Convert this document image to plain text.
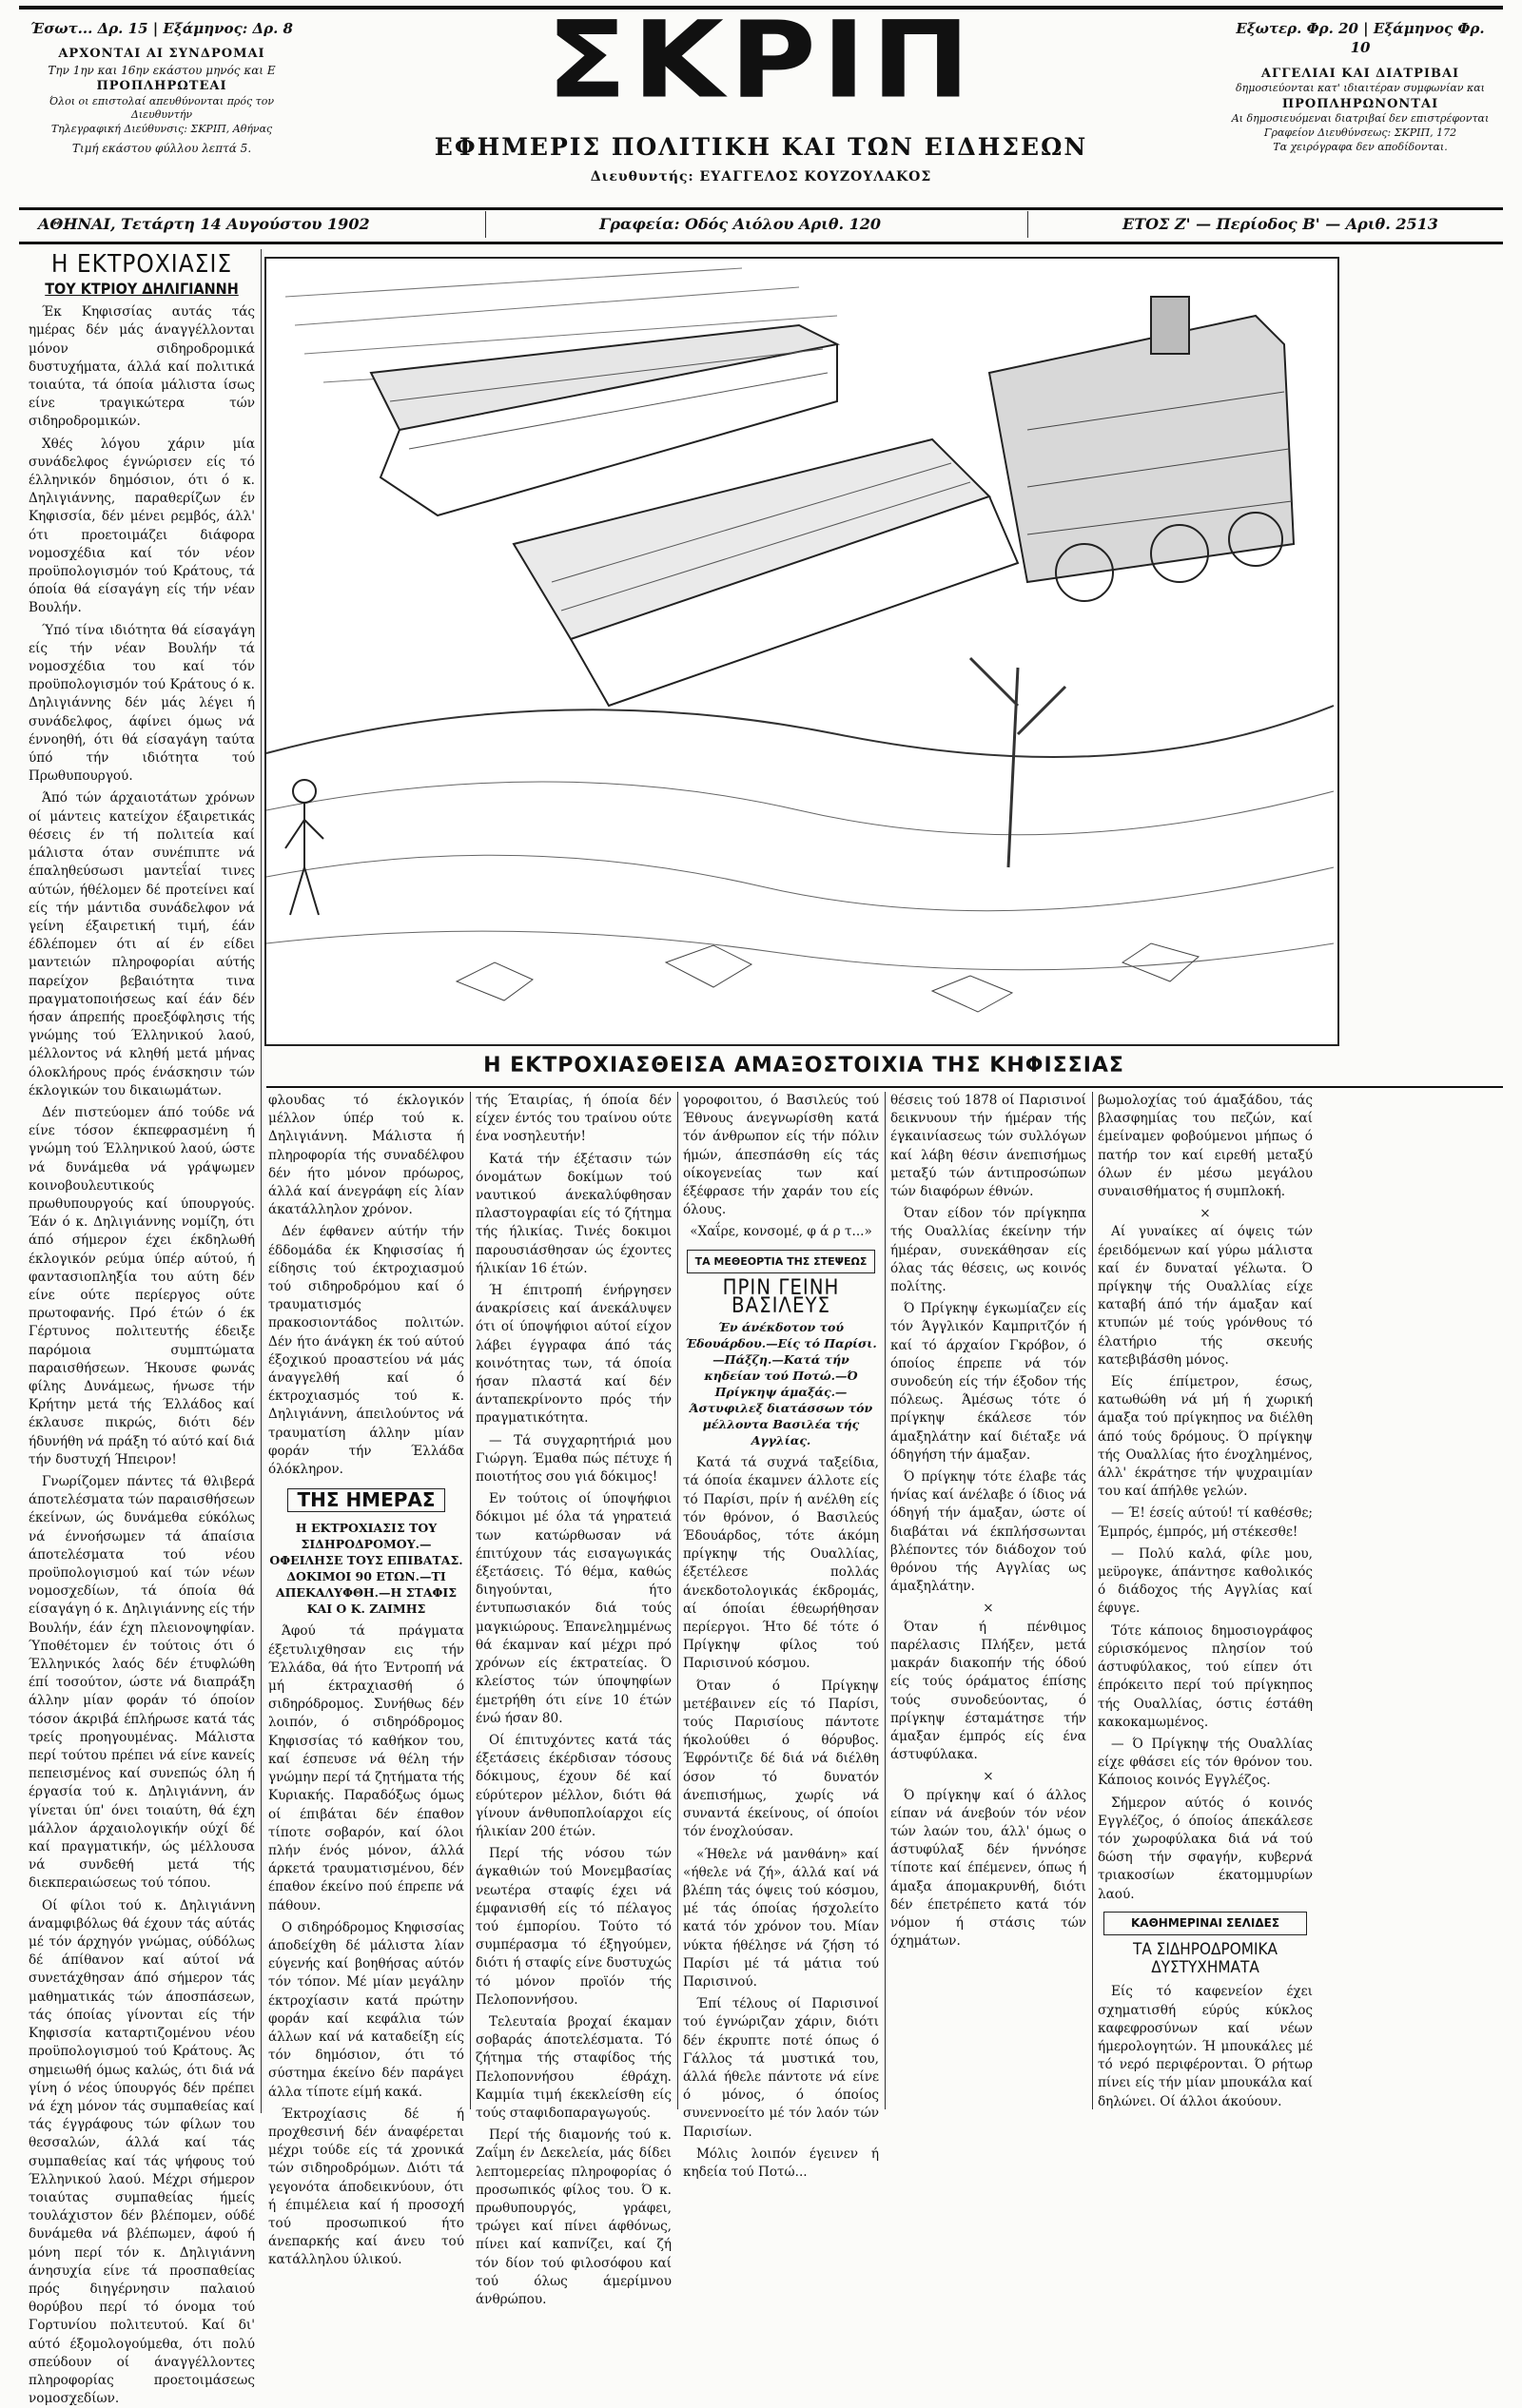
Έσωτ... Δρ. 15 | Εξάμηνος: Δρ. 8
ΑΡΧΟΝΤΑΙ ΑΙ ΣΥΝΔΡΟΜΑΙ
Την 1ην και 16ην εκάστου μηνός και Ε
ΠΡΟΠΛΗΡΩΤΕΑΙ
Όλοι οι επιστολαί απευθύνονται πρός τον Διευθυντήν
Τηλεγραφική Διεύθυνσις: ΣΚΡΙΠ, Αθήνας
Τιμή εκάστου φύλλου λεπτά 5.
ΣΚΡΙΠ
ΕΦΗΜΕΡΙΣ ΠΟΛΙΤΙΚΗ ΚΑΙ ΤΩΝ ΕΙΔΗΣΕΩΝ
Διευθυντής: ΕΥΑΓΓΕΛΟΣ ΚΟΥΖΟΥΛΑΚΟΣ
Εξωτερ. Φρ. 20 | Εξάμηνος Φρ. 10
ΑΓΓΕΛΙΑΙ ΚΑΙ ΔΙΑΤΡΙΒΑΙ
δημοσιεύονται κατ' ιδιαιτέραν συμφωνίαν και
ΠΡΟΠΛΗΡΩΝΟΝΤΑΙ
Αι δημοσιευόμεναι διατριβαί δεν επιστρέφονται
Γραφείον Διευθύνσεως: ΣΚΡΙΠ, 172
Τα χειρόγραφα δεν αποδίδονται.
ΑΘΗΝΑΙ, Τετάρτη 14 Αυγούστου 1902	Γραφεία: Οδός Αιόλου Αριθ. 120	ΕΤΟΣ Ζ' — Περίοδος Β' — Αριθ. 2513
Η ΕΚΤΡΟΧΙΑΣΙΣ
ΤΟΥ ΚΤΡΙΟΥ ΔΗΛΙΓΙΑΝΝΗ

Έκ Κηφισσίας αυτάς τάς ημέρας δέν μάς άναγγέλλονται μόνον σιδηροδρομικά δυστυχήματα, άλλά καί πολιτικά τοιαύτα, τά όποία μάλιστα ίσως είνε τραγικώτερα τών σιδηροδρομικών.

Χθές λόγου χάριν μία συνάδελφος έγνώρισεν είς τό έλληνικόν δημόσιον, ότι ό κ. Δηλιγιάννης, παραθερίζων έν Κηφισσία, δέν μένει ρεμβός, άλλ' ότι προετοιμάζει διάφορα νομοσχέδια καί τόν νέον προϋπολογισμόν τού Κράτους, τά όποία θά είσαγάγη είς τήν νέαν Βουλήν.

Ύπό τίνα ιδιότητα θά είσαγάγη είς τήν νέαν Βουλήν τά νομοσχέδια του καί τόν προϋπολογισμόν τού Κράτους ό κ. Δηλιγιάννης δέν μάς λέγει ή συνάδελφος, άφίνει όμως νά έννοηθή, ότι θά είσαγάγη ταύτα ύπό τήν ιδιότητα τού Πρωθυπουργού.

Άπό τών άρχαιοτάτων χρόνων οί μάντεις κατείχον έξαιρετικάς θέσεις έν τή πολιτεία καί μάλιστα όταν συνέπιπτε νά έπαληθεύσωσι μαντεΐαί τινες αύτών, ήθέλομεν δέ προτείνει καί είς τήν μάντιδα συνάδελφον νά γείνη έξαιρετική τιμή, έάν έδλέπομεν ότι αί έν είδει μαντειών πληροφορίαι αύτής παρείχον βεβαιότητα τινα πραγματοποιήσεως καί έάν δέν ήσαν άπρεπής προεξόφλησις τής γνώμης τού Έλληνικού λαού, μέλλοντος νά κληθή μετά μήνας όλοκλήρους πρός ένάσκησιν τών έκλογικών του δικαιωμάτων.

Δέν πιστεύομεν άπό τούδε νά είνε τόσον έκπεφρασμένη ή γνώμη τού Έλληνικού λαού, ώστε νά δυνάμεθα νά γράψωμεν κοινοβουλευτικούς πρωθυπουργούς καί ύπουργούς. Έάν ό κ. Δηλιγιάννης νομίζη, ότι άπό σήμερον έχει έκδηλωθή έκλογικόν ρεύμα ύπέρ αύτού, ή φαντασιοπληξία του αύτη δέν είνε ούτε περίεργος ούτε πρωτοφανής. Πρό έτών ό έκ Γέρτυνος πολιτευτής έδειξε παρόμοια συμπτώματα παραισθήσεων. Ήκουσε φωνάς φίλης Δυνάμεως, ήνωσε τήν Κρήτην μετά τής Έλλάδος καί έκλαυσε πικρώς, διότι δέν ήδυνήθη νά πράξη τό αύτό καί διά τήν δυστυχή Ήπειρον!

Γνωρίζομεν πάντες τά θλιβερά άποτελέσματα τών παραισθήσεων έκείνων, ώς δυνάμεθα εύκόλως νά έννοήσωμεν τά άπαίσια άποτελέσματα τού νέου προϋπολογισμού καί τών νέων νομοσχεδίων, τά όποία θά είσαγάγη ό κ. Δηλιγιάννης είς τήν Βουλήν, έάν έχη πλειονοψηφίαν. Ύποθέτομεν έν τούτοις ότι ό Έλληνικός λαός δέν έτυφλώθη έπί τοσούτον, ώστε νά διαπράξη άλλην μίαν φοράν τό όποίον τόσον άκριβά έπλήρωσε κατά τάς τρείς προηγουμένας. Μάλιστα περί τούτου πρέπει νά είνε κανείς πεπεισμένος καί συνεπώς όλη ή έργασία τού κ. Δηλιγιάννη, άν γίνεται ύπ' όνει τοιαύτη, θά έχη μάλλον άρχαιολογικήν ούχί δέ καί πραγματικήν, ώς μέλλουσα νά συνδεθή μετά τής διεκπεραιώσεως τού τόπου.

Οί φίλοι τού κ. Δηλιγιάννη άναμφιβόλως θά έχουν τάς αύτάς μέ τόν άρχηγόν γνώμας, ούδόλως δέ άπίθανον καί αύτοί νά συνετάχθησαν άπό σήμερον τάς μαθηματικάς τών άποσπάσεων, τάς όποίας γίνονται είς τήν Κηφισσία καταρτιζομένου νέου προϋπολογισμού τού Κράτους. Άς σημειωθή όμως καλώς, ότι διά νά γίνη ό νέος ύπουργός δέν πρέπει νά έχη μόνον τάς συμπαθείας καί τάς έγγράφους τών φίλων του θεσσαλών, άλλά καί τάς συμπαθείας καί τάς ψήφους τού Έλληνικού λαού. Μέχρι σήμερον τοιαύτας συμπαθείας ήμείς τουλάχιστον δέν βλέπομεν, ούδέ δυνάμεθα νά βλέπωμεν, άφού ή μόνη περί τόν κ. Δηλιγιάννη άνησυχία είνε τά προσπαθείας πρός διηγέρνησιν παλαιού θορύβου περί τό όνομα τού Γορτυνίου πολιτευτού. Καί δι' αύτό έξομολογούμεθα, ότι πολύ σπεύδουν οί άναγγέλλοντες πληροφορίας προετοιμάσεως νομοσχεδίων.

Η ΕΚΤΡΟΧΙΑΣΘΕΙΣΑ ΑΜΑΞΟΣΤΟΙΧΙΑ ΤΗΣ ΚΗΦΙΣΣΙΑΣ

φλουδας τό έκλογικόν μέλλον ύπέρ τού κ. Δηλιγιάννη. Μάλιστα ή πληροφορία τής συναδέλφου δέν ήτο μόνον πρόωρος, άλλά καί άνεγράφη είς λίαν άκατάλληλον χρόνον.

Δέν έφθανεν αύτήν τήν έδδομάδα έκ Κηφισσίας ή είδησις τού έκτροχιασμού τού σιδηροδρόμου καί ό τραυματισμός πρακοσιοντάδος πολιτών. Δέν ήτο άνάγκη έκ τού αύτού έξοχικού προαστείου νά μάς άναγγελθή καί ό έκτροχιασμός τού κ. Δηλιγιάννη, άπειλούντος νά τραυματίση άλλην μίαν φοράν τήν Έλλάδα όλόκληρον.

ΤΗΣ ΗΜΕΡΑΣ
Η ΕΚΤΡΟΧΙΑΣΙΣ ΤΟΥ ΣΙΔΗΡΟΔΡΟΜΟΥ.—ΟΦΕΙΛΗΣΕ ΤΟΥΣ ΕΠΙΒΑΤΑΣ. ΔΟΚΙΜΟΙ 90 ΕΤΩΝ.—ΤΙ ΑΠΕΚΑΛΥΦΘΗ.—Η ΣΤΑΦΙΣ ΚΑΙ Ο Κ. ΖΑΙΜΗΣ

Άφού τά πράγματα έξετυλιχθησαν εις τήν Έλλάδα, θά ήτο Έντροπή νά μή έκτραχιασθή ό σιδηρόδρομος. Συνήθως δέν λοιπόν, ό σιδηρόδρομος Κηφισσίας τό καθήκον του, καί έσπευσε νά θέλη τήν γνώμην περί τά ζητήματα τής Κυριακής. Παραδόξως όμως οί έπιβάται δέν έπαθον τίποτε σοβαρόν, καί όλοι πλήν ένός μόνον, άλλά άρκετά τραυματισμένου, δέν έπαθον έκείνο πού έπρεπε νά πάθουν.

Ο σιδηρόδρομος Κηφισσίας άποδείχθη δέ μάλιστα λίαν εύγενής καί βοηθήσας αύτόν τόν τόπον. Μέ μίαν μεγάλην έκτροχίασιν κατά πρώτην φοράν καί κεφάλια τών άλλων καί νά καταδείξη είς τόν δημόσιον, ότι τό σύστημα έκείνο δέν παράγει άλλα τίποτε είμή κακά.

Έκτροχίασις δέ ή προχθεσινή δέν άναφέρεται μέχρι τούδε είς τά χρονικά τών σιδηροδρόμων. Διότι τά γεγονότα άποδεικνύουν, ότι ή έπιμέλεια καί ή προσοχή τού προσωπικού ήτο άνεπαρκής καί άνευ τού κατάλληλου ύλικού.

τής Έταιρίας, ή όποία δέν είχεν έντός του τραίνου ούτε ένα νοσηλευτήν!

Κατά τήν έξέτασιν τών όνομάτων δοκίμων τού ναυτικού άνεκαλύφθησαν πλαστογραφίαι είς τό ζήτημα τής ήλικίας. Τινές δοκιμοι παρουσιάσθησαν ώς έχοντες ήλικίαν 16 έτών.

Ή έπιτροπή ένήργησεν άνακρίσεις καί άνεκάλυψεν ότι οί ύποψήφιοι αύτοί είχον λάβει έγγραφα άπό τάς κοινότητας των, τά όποία ήσαν πλαστά καί δέν άνταπεκρίνοντο πρός τήν πραγματικότητα.

— Τά συγχαρητήριά μου Γιώργη. Έμαθα πώς πέτυχε ή ποιοτήτος σου γιά δόκιμος!

Εν τούτοις οί ύποψήφιοι δόκιμοι μέ όλα τά γηρατειά των κατώρθωσαν νά έπιτύχουν τάς εισαγωγικάς έξετάσεις. Τό θέμα, καθώς διηγούνται, ήτο έντυπωσιακόν διά τούς μαγκιώρους. Έπανελημμένως θά έκαμναν καί μέχρι πρό χρόνων είς έκτρατείας. Ό κλείστος τών ύποψηφίων έμετρήθη ότι είνε 10 έτών ένώ ήσαν 80.

Οί έπιτυχόντες κατά τάς έξετάσεις έκέρδισαν τόσους δόκιμους, έχουν δέ καί εύρύτερον μέλλον, διότι θά γίνουν άνθυποπλοίαρχοι είς ήλικίαν 200 έτών.

Περί τής νόσου τών άγκαθιών τού Μονεμβασίας νεωτέρα σταφίς έχει νά έμφανισθή είς τό πέλαγος τού έμπορίου. Τούτο τό συμπέρασμα τό έξηγούμεν, διότι ή σταφίς είνε δυστυχώς τό μόνον προϊόν τής Πελοποννήσου.

Τελευταία βροχαί έκαμαν σοβαράς άποτελέσματα. Τό ζήτημα τής σταφίδος τής Πελοποννήσου έθράχη. Καμμία τιμή έκεκλείσθη είς τούς σταφιδοπαραγωγούς.

Περί τής διαμονής τού κ. Ζαΐμη έν Δεκελεία, μάς δίδει λεπτομερείας πληροφορίας ό προσωπικός φίλος του. Ό κ. πρωθυπουργός, γράφει, τρώγει καί πίνει άφθόνως, πίνει καί καπνίζει, καί ζή τόν δίον τού φιλοσόφου καί τού όλως άμερίμνου άνθρώπου.

γοροφοιτου, ό Βασιλεύς τού Έθνους άνεγνωρίσθη κατά τόν άνθρωπον είς τήν πόλιν ήμών, άπεσπάσθη είς τάς οίκογενείας των καί έξέφρασε τήν χαράν του είς όλους.

«Χαΐρε, κονσομέ, φ ά ρ τ...»

ΤΑ ΜΕΘΕΟΡΤΙΑ ΤΗΣ ΣΤΕΨΕΩΣ
ΠΡΙΝ ΓΕΙΝΗ ΒΑΣΙΛΕΥΣ
Έν άνέκδοτον τού Έδουάρδου.—Είς τό Παρίσι.—Πάξζη.—Κατά τήν κηδείαν τού Ποτώ.—Ό Πρίγκηψ άμαξάς.—Άστυφιλεξ διατάσσων τόν μέλλοντα Βασιλέα τής Αγγλίας.

Κατά τά συχνά ταξείδια, τά όποία έκαμνεν άλλοτε είς τό Παρίσι, πρίν ή ανέλθη είς τόν θρόνον, ό Βασιλεύς Έδουάρδος, τότε άκόμη πρίγκηψ τής Ουαλλίας, έξετέλεσε πολλάς άνεκδοτολογικάς έκδρομάς, αί όποίαι έθεωρήθησαν περίεργοι. Ήτο δέ τότε ό Πρίγκηψ φίλος τού Παρισινού κόσμου.

Όταν ό Πρίγκηψ μετέβαινεν είς τό Παρίσι, τούς Παρισίους πάντοτε ήκολούθει ό θόρυβος. Έφρόντιζε δέ διά νά διέλθη όσον τό δυνατόν άνεπισήμως, χωρίς νά συναντά έκείνους, οί όποίοι τόν ένοχλούσαν.

«Ήθελε νά μανθάνη» καί «ήθελε νά ζή», άλλά καί νά βλέπη τάς όψεις τού κόσμου, μέ τάς όποίας ήσχολείτο κατά τόν χρόνον του. Μίαν νύκτα ήθέλησε νά ζήση τό Παρίσι μέ τά μάτια τού Παρισινού.

Έπί τέλους οί Παρισινοί τού έγνώριζαν χάριν, διότι δέν έκρυπτε ποτέ όπως ό Γάλλος τά μυστικά του, άλλά ήθελε πάντοτε νά είνε ό μόνος, ό όποίος συνεννοείτο μέ τόν λαόν τών Παρισίων.

Μόλις λοιπόν έγεινεν ή κηδεία τού Ποτώ...

θέσεις τού 1878 οί Παρισινοί δεικνυουν τήν ήμέραν τής έγκαινίασεως τών συλλόγων καί λάβη θέσιν άνεπισήμως μεταξύ τών άντιπροσώπων τών διαφόρων έθνών.

Όταν είδον τόν πρίγκηπα τής Ουαλλίας έκείνην τήν ήμέραν, συνεκάθησαν είς όλας τάς θέσεις, ως κοινός πολίτης.

Ό Πρίγκηψ έγκωμίαζεν είς τόν Άγγλικόν Καμπριτζόν ή καί τό άρχαίον Γκρόβον, ό όποίος έπρεπε νά τόν συνοδεύη είς τήν έξοδον τής πόλεως. Άμέσως τότε ό πρίγκηψ έκάλεσε τόν άμαξηλάτην καί διέταξε νά όδηγήση τήν άμαξαν.

Ό πρίγκηψ τότε έλαβε τάς ήνίας καί άνέλαβε ό ίδιος νά όδηγή τήν άμαξαν, ώστε οί διαβάται νά έκπλήσσωνται βλέποντες τόν διάδοχον τού θρόνου τής Αγγλίας ως άμαξηλάτην.

×

Όταν ή πένθιμος παρέλασις Πλήξεν, μετά μακράν διακοπήν τής όδού είς τούς όράματος έπίσης τούς συνοδεύοντας, ό πρίγκηψ έσταμάτησε τήν άμαξαν έμπρός είς ένα άστυφύλακα.

×

Ό πρίγκηψ καί ό άλλος είπαν νά άνεβούν τόν νέον τών λαών του, άλλ' όμως ο άστυφύλαξ δέν ήννόησε τίποτε καί έπέμενεν, όπως ή άμαξα άπομακρυνθή, διότι δέν έπετρέπετο κατά τόν νόμον ή στάσις τών όχημάτων.

βωμολοχίας τού άμαξάδου, τάς βλασφημίας του πεζών, καί έμείναμεν φοβούμενοι μήπως ό πατήρ τον καί ειρεθή μεταξύ όλων έν μέσω μεγάλου συναισθήματος ή συμπλοκή.

×

Αί γυναίκες αί όψεις τών έρειδόμενων καί γύρω μάλιστα καί έν δυναταί γέλωτα. Ό πρίγκηψ τής Ουαλλίας είχε καταβή άπό τήν άμαξαν καί κτυπών μέ τούς γρόνθους τό έλατήριο τής σκευής κατεβιβάσθη μόνος.

Είς έπίμετρον, έσως, κατωθώθη νά μή ή χωρική άμαξα τού πρίγκηπος να διέλθη άπό τούς δρόμους. Ό πρίγκηψ τής Ουαλλίας ήτο ένοχλημένος, άλλ' έκράτησε τήν ψυχραιμίαν του καί άπήλθε γελών.

— Έ! έσείς αύτού! τί καθέσθε; Έμπρός, έμπρός, μή στέκεσθε!

— Πολύ καλά, φίλε μου, μεϋρογκε, άπάντησε καθολικός ό διάδοχος τής Αγγλίας καί έφυγε.

Τότε κάποιος δημοσιογράφος εύρισκόμενος πλησίον τού άστυφύλακος, τού είπεν ότι έπρόκειτο περί τού πρίγκηπος τής Ουαλλίας, όστις έστάθη κακοκαμωμένος.

— Ό Πρίγκηψ τής Ουαλλίας είχε φθάσει είς τόν θρόνον του. Κάποιος κοινός Εγγλέζος.

Σήμερον αύτός ό κοινός Εγγλέζος, ό όποίος άπεκάλεσε τόν χωροφύλακα διά νά τού δώση τήν σφαγήν, κυβερνά τριακοσίων έκατομμυρίων λαού.

ΚΑΘΗΜΕΡΙΝΑΙ ΣΕΛΙΔΕΣ
ΤΑ ΣΙΔΗΡΟΔΡΟΜΙΚΑ ΔΥΣΤΥΧΗΜΑΤΑ

Είς τό καφενείον έχει σχηματισθή εύρύς κύκλος καφεφροσύνων καί νέων ήμερολογητών. Ή μπουκάλες μέ τό νερό περιφέρονται. Ό ρήτωρ πίνει είς τήν μίαν μπουκάλα καί δηλώνει. Οί άλλοι άκούουν.
